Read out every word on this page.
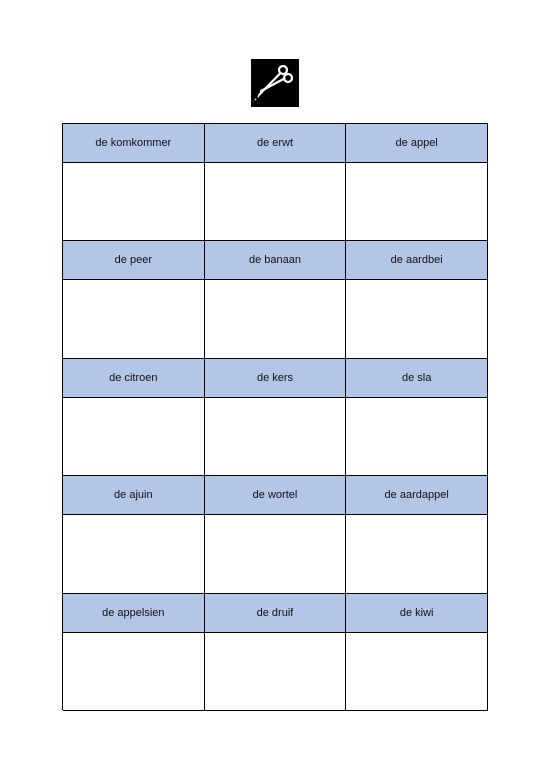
de komkommer	de erwt	de appel
de peer	de banaan	de aardbei
de citroen	de kers	de sla
de ajuin	de wortel	de aardappel
de appelsien	de druif	de kiwi
